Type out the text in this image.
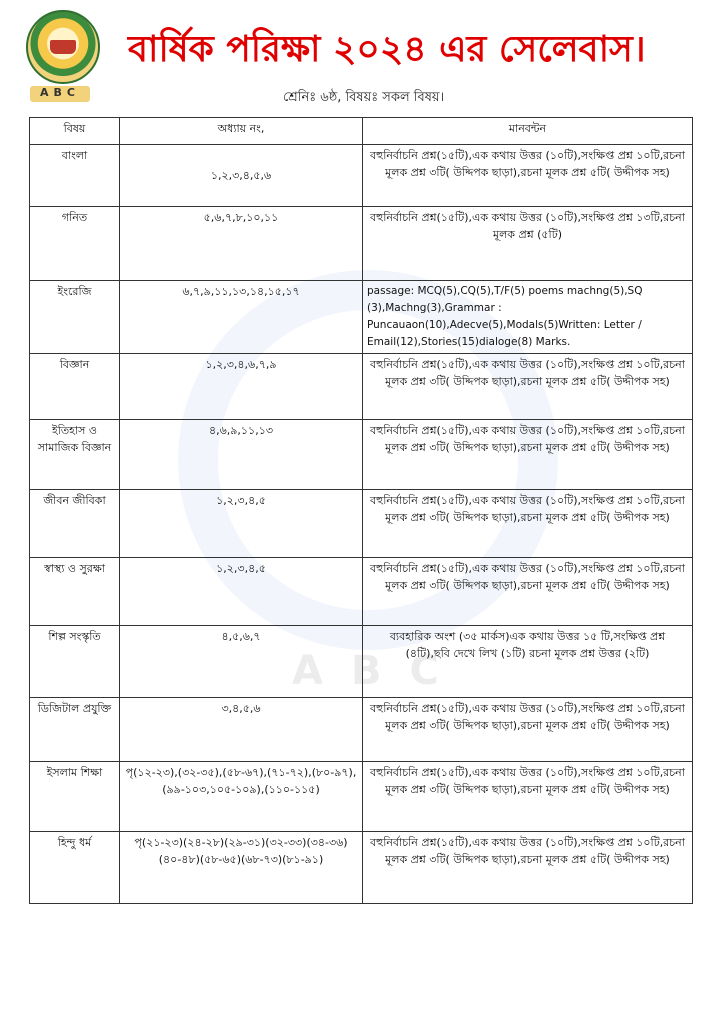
ABC
বার্ষিক পরিক্ষা ২০২৪ এর সেলেবাস।
শ্রেনিঃ ৬ষ্ঠ, বিষয়ঃ সকল বিষয়।
ABC
বিষয়	অধ্যায় নং,	মানবন্টন
বাংলা	১,২,৩,৪,৫,৬	বহুনির্বাচনি প্রশ্ন(১৫টি),এক কথায় উত্তর (১০টি),সংক্ষিপ্ত প্রশ্ন ১০টি,রচনা মূলক প্রশ্ন ৩টি( উদ্দিপক ছাড়া),রচনা মূলক প্রশ্ন ৫টি( উদ্দীপক সহ)
গনিত	৫,৬,৭,৮,১০,১১	বহুনির্বাচনি প্রশ্ন(১৫টি),এক কথায় উত্তর (১০টি),সংক্ষিপ্ত প্রশ্ন ১৩টি,রচনা মূলক প্রশ্ন (৫টি)
ইংরেজি	৬,৭,৯,১১,১৩,১৪,১৫,১৭	passage: MCQ(5),CQ(5),T/F(5) poems machng(5),SQ (3),Machng(3),Grammar : Puncauaon(10),Adecve(5),Modals(5)Written: Letter / Email(12),Stories(15)dialoge(8) Marks.
বিজ্ঞান	১,২,৩,৪,৬,৭,৯	বহুনির্বাচনি প্রশ্ন(১৫টি),এক কথায় উত্তর (১০টি),সংক্ষিপ্ত প্রশ্ন ১০টি,রচনা মূলক প্রশ্ন ৩টি( উদ্দিপক ছাড়া),রচনা মূলক প্রশ্ন ৫টি( উদ্দীপক সহ)
ইতিহাস ও সামাজিক বিজ্ঞান	৪,৬,৯,১১,১৩	বহুনির্বাচনি প্রশ্ন(১৫টি),এক কথায় উত্তর (১০টি),সংক্ষিপ্ত প্রশ্ন ১০টি,রচনা মূলক প্রশ্ন ৩টি( উদ্দিপক ছাড়া),রচনা মূলক প্রশ্ন ৫টি( উদ্দীপক সহ)
জীবন জীবিকা	১,২,৩,৪,৫	বহুনির্বাচনি প্রশ্ন(১৫টি),এক কথায় উত্তর (১০টি),সংক্ষিপ্ত প্রশ্ন ১০টি,রচনা মূলক প্রশ্ন ৩টি( উদ্দিপক ছাড়া),রচনা মূলক প্রশ্ন ৫টি( উদ্দীপক সহ)
স্বাস্থ্য ও সুরক্ষা	১,২,৩,৪,৫	বহুনির্বাচনি প্রশ্ন(১৫টি),এক কথায় উত্তর (১০টি),সংক্ষিপ্ত প্রশ্ন ১০টি,রচনা মূলক প্রশ্ন ৩টি( উদ্দিপক ছাড়া),রচনা মূলক প্রশ্ন ৫টি( উদ্দীপক সহ)
শিল্প সংস্কৃতি	৪,৫,৬,৭	ব্যবহারিক অংশ (৩৫ মার্কস)এক কথায় উত্তর ১৫ টি,সংক্ষিপ্ত প্রশ্ন (৪টি),ছবি দেখে লিখ (১টি) রচনা মূলক প্রশ্ন উত্তর (২টি)
ডিজিটাল প্রযুক্তি	৩,৪,৫,৬	বহুনির্বাচনি প্রশ্ন(১৫টি),এক কথায় উত্তর (১০টি),সংক্ষিপ্ত প্রশ্ন ১০টি,রচনা মূলক প্রশ্ন ৩টি( উদ্দিপক ছাড়া),রচনা মূলক প্রশ্ন ৫টি( উদ্দীপক সহ)
ইসলাম শিক্ষা	পৃ(১২-২৩),(৩২-৩৫),(৫৮-৬৭),(৭১-৭২),(৮০-৯৭),(৯৯-১০৩,১০৫-১০৯),(১১০-১১৫)	বহুনির্বাচনি প্রশ্ন(১৫টি),এক কথায় উত্তর (১০টি),সংক্ষিপ্ত প্রশ্ন ১০টি,রচনা মূলক প্রশ্ন ৩টি( উদ্দিপক ছাড়া),রচনা মূলক প্রশ্ন ৫টি( উদ্দীপক সহ)
হিন্দু ধর্ম	পৃ(২১-২৩)(২৪-২৮)(২৯-৩১)(৩২-৩৩)(৩৪-৩৬)(৪০-৪৮)(৫৮-৬৫)(৬৮-৭৩)(৮১-৯১)	বহুনির্বাচনি প্রশ্ন(১৫টি),এক কথায় উত্তর (১০টি),সংক্ষিপ্ত প্রশ্ন ১০টি,রচনা মূলক প্রশ্ন ৩টি( উদ্দিপক ছাড়া),রচনা মূলক প্রশ্ন ৫টি( উদ্দীপক সহ)
